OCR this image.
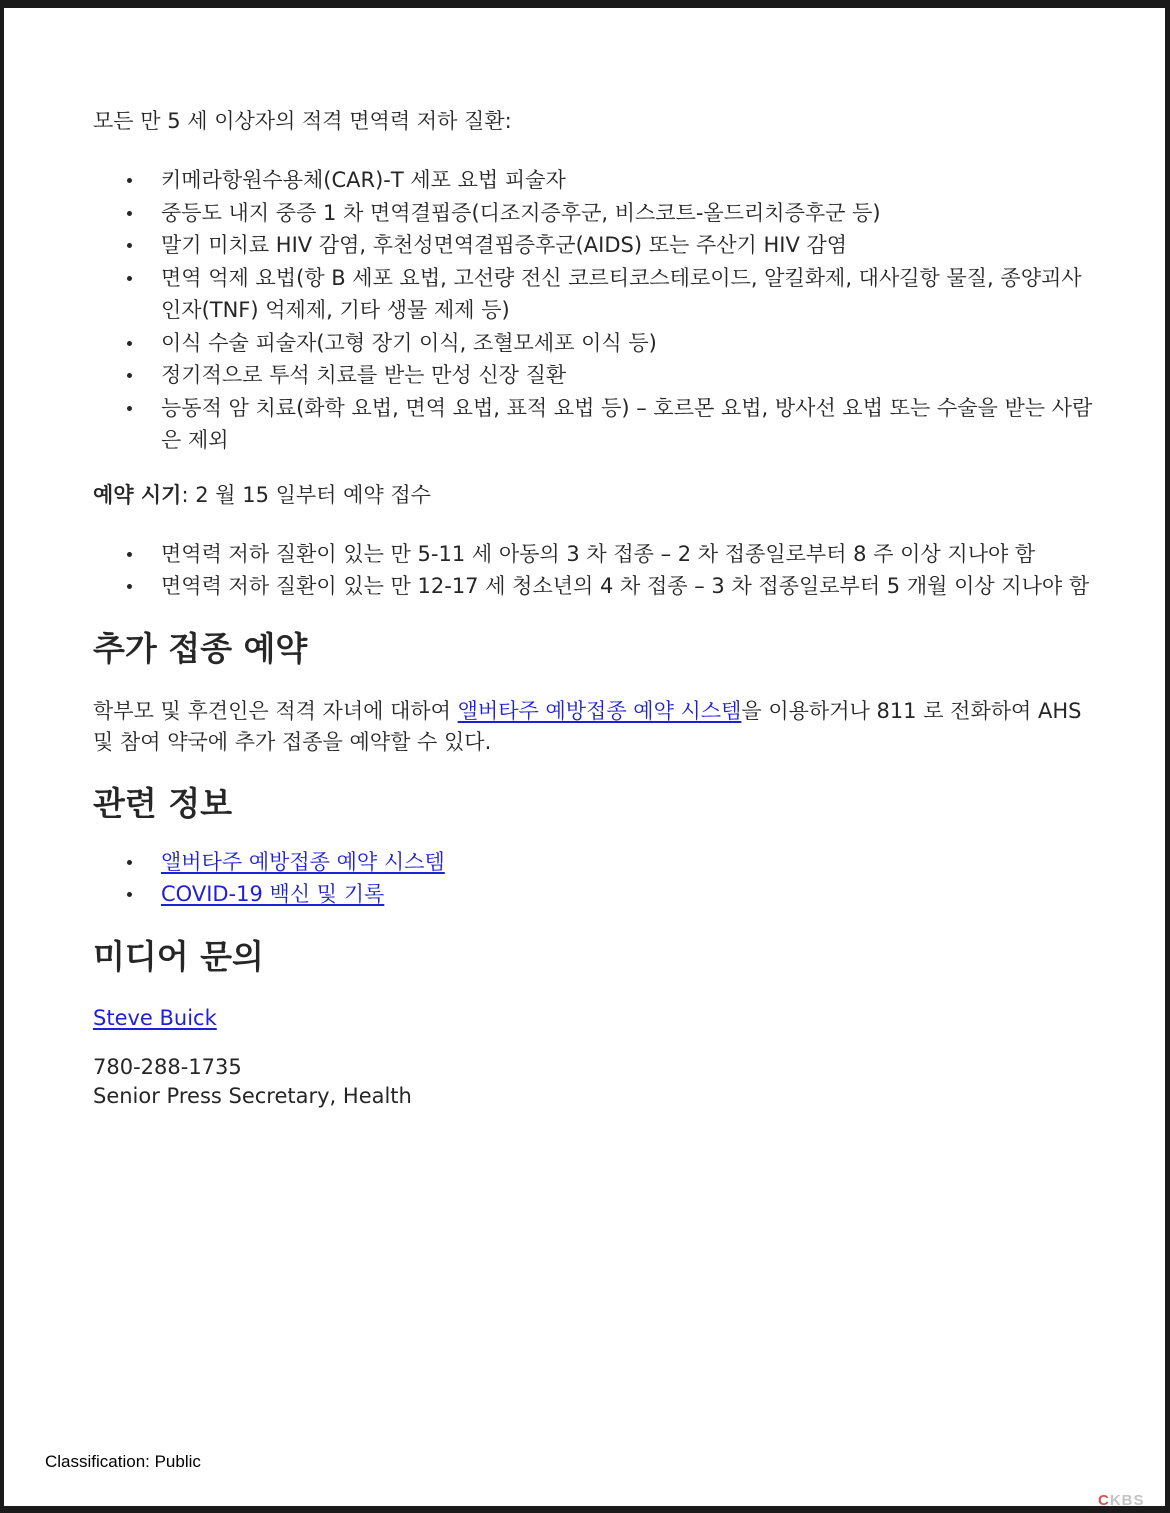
모든 만 5 세 이상자의 적격 면역력 저하 질환:

키메라항원수용체(CAR)-T 세포 요법 피술자
중등도 내지 중증 1 차 면역결핍증(디조지증후군, 비스코트-올드리치증후군 등)
말기 미치료 HIV 감염, 후천성면역결핍증후군(AIDS) 또는 주산기 HIV 감염
면역 억제 요법(항 B 세포 요법, 고선량 전신 코르티코스테로이드, 알킬화제, 대사길항 물질, 종양괴사인자(TNF) 억제제, 기타 생물 제제 등)
이식 수술 피술자(고형 장기 이식, 조혈모세포 이식 등)
정기적으로 투석 치료를 받는 만성 신장 질환
능동적 암 치료(화학 요법, 면역 요법, 표적 요법 등) – 호르몬 요법, 방사선 요법 또는 수술을 받는 사람은 제외

예약 시기: 2 월 15 일부터 예약 접수

면역력 저하 질환이 있는 만 5-11 세 아동의 3 차 접종 – 2 차 접종일로부터 8 주 이상 지나야 함
면역력 저하 질환이 있는 만 12-17 세 청소년의 4 차 접종 – 3 차 접종일로부터 5 개월 이상 지나야 함
추가 접종 예약

학부모 및 후견인은 적격 자녀에 대하여 앨버타주 예방접종 예약 시스템을 이용하거나 811 로 전화하여 AHS 및 참여 약국에 추가 접종을 예약할 수 있다.

관련 정보
앨버타주 예방접종 예약 시스템
COVID-19 백신 및 기록
미디어 문의

Steve Buick

780-288-1735
Senior Press Secretary, Health

Classification: Public
CKBS
